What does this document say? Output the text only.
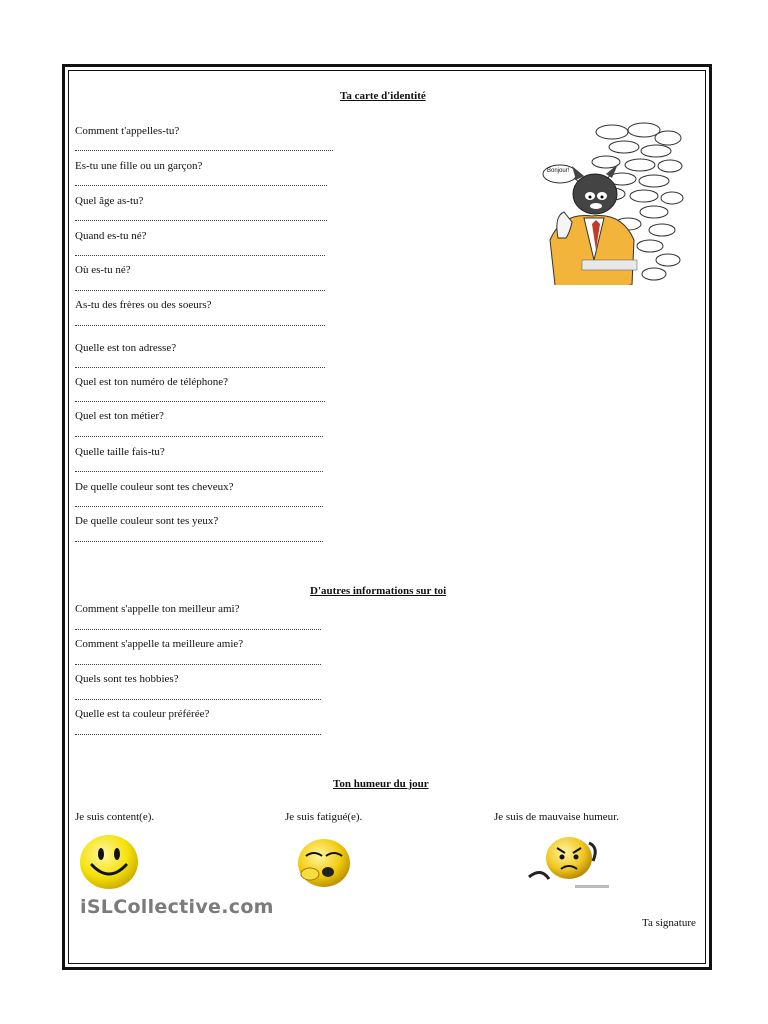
Ta carte d'identité
Comment t'appelles-tu?
Es-tu une fille ou un garçon?
Quel âge as-tu?
Quand es-tu né?
Où es-tu né?
As-tu des frères ou des soeurs?
Quelle est ton adresse?
Quel est ton numéro de téléphone?
Quel est ton métier?
Quelle taille fais-tu?
De quelle couleur sont tes cheveux?
De quelle couleur sont tes yeux?
Bonjour!
D'autres informations sur toi
Comment s'appelle ton meilleur ami?
Comment s'appelle ta meilleure amie?
Quels sont tes hobbies?
Quelle est ta couleur préférée?
Ton humeur du jour
Je suis content(e).	Je suis fatigué(e).	Je suis de mauvaise humeur.
iSLCollective.com
Ta signature
